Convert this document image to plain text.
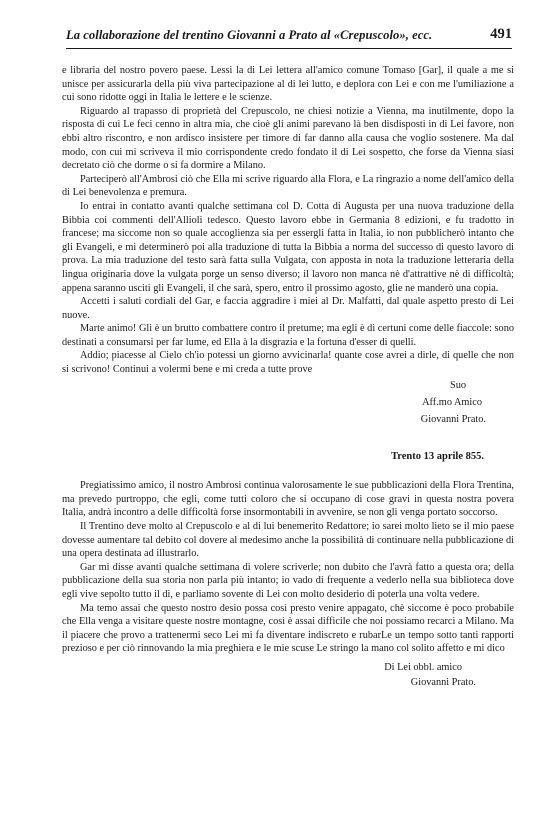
La collaborazione del trentino Giovanni a Prato al «Crepuscolo», ecc.	491

e libraria del nostro povero paese. Lessi la di Lei lettera all'amico comune Tomaso [Gar], il quale a me si unisce per assicurarla della più viva partecipazione al di lei lutto, e deplora con Lei e con me l'umiliazione a cui sono ridotte oggi in Italia le lettere e le scienze.

Riguardo al trapasso di proprietà del Crepuscolo, ne chiesi notizie a Vienna, ma inutilmente, dopo la risposta di cui Le feci cenno in altra mia, che cioè gli animi parevano là ben disdisposti in di Lei favore, non ebbi altro riscontro, e non ardisco insistere per timore di far danno alla causa che voglio sostenere. Ma dal modo, con cui mi scriveva il mio corrispondente credo fondato il di Lei sospetto, che forse da Vienna siasi decretato ciò che dorme o si fa dormire a Milano.

Parteciperò all'Ambrosi ciò che Ella mi scrive riguardo alla Flora, e La ringrazio a nome dell'amico della di Lei benevolenza e premura.

Io entrai in contatto avanti qualche settimana col D. Cotta di Augusta per una nuova traduzione della Bibbia coi commenti dell'Allioli tedesco. Questo lavoro ebbe in Germania 8 edizioni, e fu tradotto in francese; ma siccome non so quale accoglienza sia per essergli fatta in Italia, io non pubblicherò intanto che gli Evangeli, e mi determinerò poi alla traduzione di tutta la Bibbia a norma del successo di questo lavoro di prova. La mia traduzione del testo sarà fatta sulla Vulgata, con apposta in nota la traduzione letteraria della lingua originaria dove la vulgata porge un senso diverso; il lavoro non manca nè d'attrattive nè di difficoltà; appena saranno usciti gli Evangeli, il che sarà, spero, entro il prossimo agosto, glie ne manderò una copia.

Accetti i saluti cordiali del Gar, e faccia aggradire i miei al Dr. Malfatti, dal quale aspetto presto di Lei nuove.

Marte animo! Gli è un brutto combattere contro il pretume; ma egli è di certuni come delle fiaccole: sono destinati a consumarsi per far lume, ed Ella à la disgrazia e la fortuna d'esser di quelli.

Addio; piacesse al Cielo ch'io potessi un giorno avvicinarla! quante cose avrei a dirle, di quelle che non si scrivono! Continui a volermi bene e mi creda a tutte prove

Suo
Aff.mo Amico
Giovanni Prato.
Trento 13 aprile 855.

Pregiatissimo amico, il nostro Ambrosi continua valorosamente le sue pubblicazioni della Flora Trentina, ma prevedo purtroppo, che egli, come tutti coloro che si occupano di cose gravi in questa nostra povera Italia, andrà incontro a delle difficoltà forse insormontabili in avvenire, se non gli venga portato soccorso.

Il Trentino deve molto al Crepuscolo e al di lui benemerito Redattore; io sarei molto lieto se il mio paese dovesse aumentare tal debito col dovere al medesimo anche la possibilità di continuare nella pubblicazione di una opera destinata ad illustrarlo.

Gar mi disse avanti qualche settimana di volere scriverle; non dubito che l'avrà fatto a questa ora; della pubblicazione della sua storia non parla più intanto; io vado di frequente a vederlo nella sua biblioteca dove egli vive sepolto tutto il dì, e parliamo sovente di Lei con molto desiderio di poterla una volta vedere.

Ma temo assai che questo nostro desio possa così presto venire appagato, chè siccome è poco probabile che Ella venga a visitare queste nostre montagne, così è assai difficile che noi possiamo recarci a Milano. Ma il piacere che provo a trattenermi seco Lei mi fa diventare indiscreto e rubarLe un tempo sotto tanti rapporti prezioso e per ciò rinnovando la mia preghiera e le mie scuse Le stringo la mano col solito affetto e mi dico

Di Lei obbl. amico
Giovanni Prato.
